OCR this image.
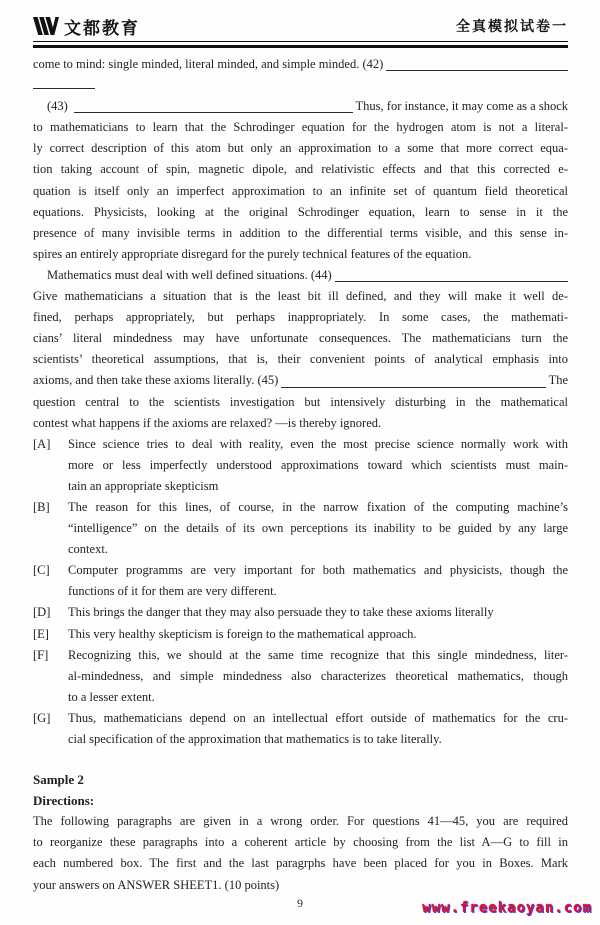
文都教育	全真模拟试卷一
come to mind: single minded, literal minded, and simple minded. (42)
(43)	Thus, for instance, it may come as a shock
to mathematicians to learn that the Schrodinger equation for the hydrogen atom is not a literal-
ly correct description of this atom but only an approximation to a some that more correct equa-
tion taking account of spin, magnetic dipole, and relativistic effects and that this corrected e-
quation is itself only an imperfect approximation to an infinite set of quantum field theoretical
equations. Physicists, looking at the original Schrodinger equation, learn to sense in it the
presence of many invisible terms in addition to the differential terms visible, and this sense in-
spires an entirely appropriate disregard for the purely technical features of the equation.
Mathematics must deal with well defined situations. (44)
Give mathematicians a situation that is the least bit ill defined, and they will make it well de-
fined, perhaps appropriately, but perhaps inappropriately. In some cases, the mathemati-
cians’ literal mindedness may have unfortunate consequences. The mathematicians turn the
scientists’ theoretical assumptions, that is, their convenient points of analytical emphasis into
axioms, and then take these axioms literally. (45)	The
question central to the scientists investigation but intensively disturbing in the mathematical
contest what happens if the axioms are relaxed? —is thereby ignored.
[A] Since science tries to deal with reality, even the most precise science normally work with
more or less imperfectly understood approximations toward which scientists must main-
tain an appropriate skepticism
[B] The reason for this lines, of course, in the narrow fixation of the computing machine’s
“intelligence” on the details of its own perceptions its inability to be guided by any large
context.
[C] Computer programms are very important for both mathematics and physicists, though the
functions of it for them are very different.
[D] This brings the danger that they may also persuade they to take these axioms literally
[E] This very healthy skepticism is foreign to the mathematical approach.
[F] Recognizing this, we should at the same time recognize that this single mindedness, liter-
al-mindedness, and simple mindedness also characterizes theoretical mathematics, though
to a lesser extent.
[G] Thus, mathematicians depend on an intellectual effort outside of mathematics for the cru-
cial specification of the approximation that mathematics is to take literally.
Sample 2
Directions:
The following paragraphs are given in a wrong order. For questions 41—45, you are required
to reorganize these paragraphs into a coherent article by choosing from the list A—G to fill in
each numbered box. The first and the last paragrphs have been placed for you in Boxes. Mark
your answers on ANSWER SHEET1. (10 points)
9	www.freekaoyan.com
